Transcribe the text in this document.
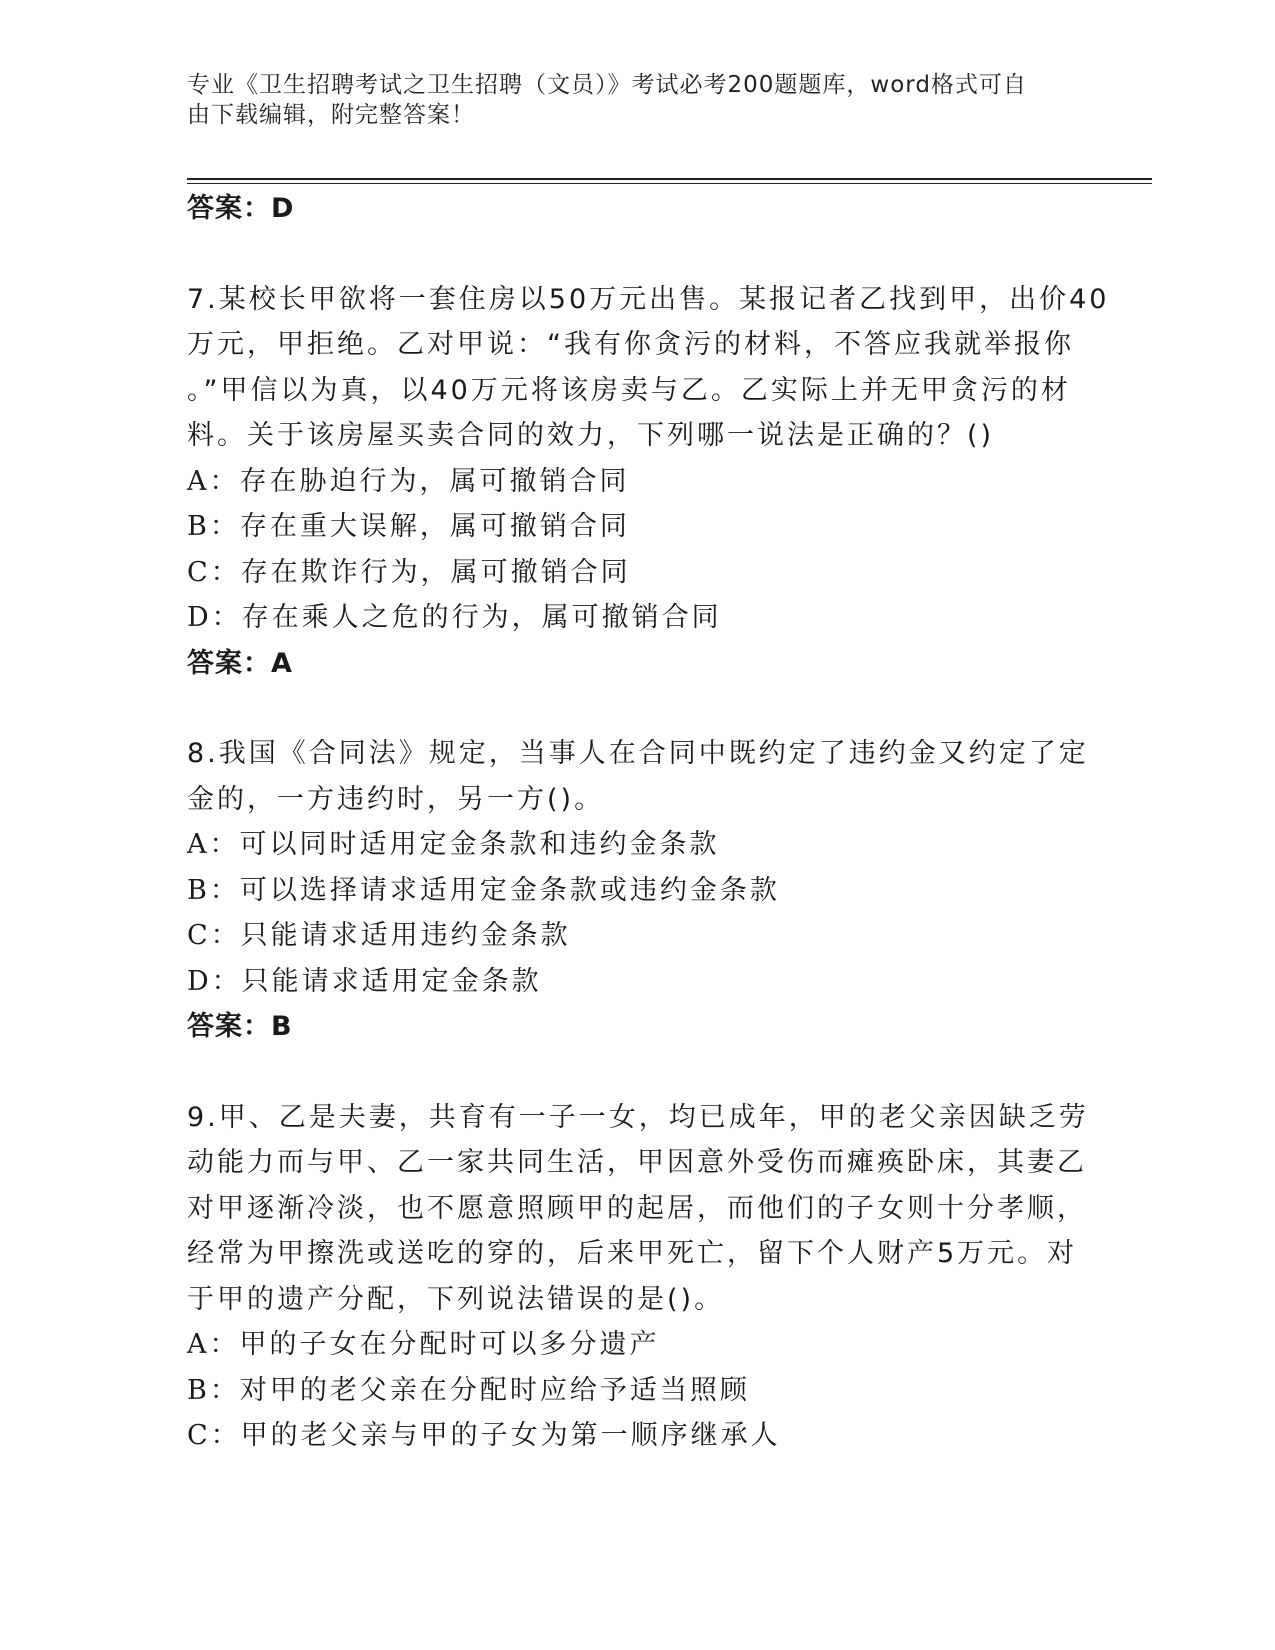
专业《卫生招聘考试之卫生招聘（文员）》考试必考200题题库，word格式可自
由下载编辑，附完整答案！
答案：D
7.某校长甲欲将一套住房以50万元出售。某报记者乙找到甲，出价40
万元，甲拒绝。乙对甲说：“我有你贪污的材料，不答应我就举报你
。”甲信以为真，以40万元将该房卖与乙。乙实际上并无甲贪污的材
料。关于该房屋买卖合同的效力，下列哪一说法是正确的？()
A：存在胁迫行为，属可撤销合同
B：存在重大误解，属可撤销合同
C：存在欺诈行为，属可撤销合同
D：存在乘人之危的行为，属可撤销合同
答案：A
8.我国《合同法》规定，当事人在合同中既约定了违约金又约定了定
金的，一方违约时，另一方()。
A：可以同时适用定金条款和违约金条款
B：可以选择请求适用定金条款或违约金条款
C：只能请求适用违约金条款
D：只能请求适用定金条款
答案：B
9.甲、乙是夫妻，共育有一子一女，均已成年，甲的老父亲因缺乏劳
动能力而与甲、乙一家共同生活，甲因意外受伤而瘫痪卧床，其妻乙
对甲逐渐冷淡，也不愿意照顾甲的起居，而他们的子女则十分孝顺，
经常为甲擦洗或送吃的穿的，后来甲死亡，留下个人财产5万元。对
于甲的遗产分配，下列说法错误的是()。
A：甲的子女在分配时可以多分遗产
B：对甲的老父亲在分配时应给予适当照顾
C：甲的老父亲与甲的子女为第一顺序继承人
